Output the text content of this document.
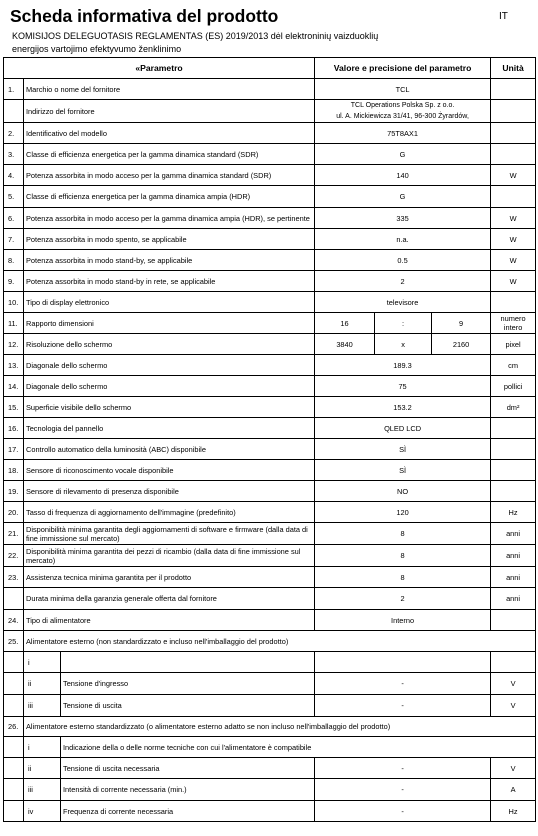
Scheda informativa del prodotto	IT
KOMISIJOS DELEGUOTASIS REGLAMENTAS (ES) 2019/2013 dėl elektroninių vaizduoklių energijos vartojimo efektyvumo ženklinimo
«Parametro			Valore e precisione del parametro			Unità
1.	Marchio o nome del fornitore		TCL			
	Indirizzo del fornitore		TCL Operations Polska Sp. z o.o.
ul. A. Mickiewicza 31/41, 96-300 Żyrardów,			

2.	Identificativo del modello		75T8AX1			
3.	Classe di efficienza energetica per la gamma dinamica standard (SDR)		G			
4.	Potenza assorbita in modo acceso per la gamma dinamica standard (SDR)		140			W
5.	Classe di efficienza energetica per la gamma dinamica ampia (HDR)		G			
6.	Potenza assorbita in modo acceso per la gamma dinamica ampia (HDR), se pertinente		335			W
7.	Potenza assorbita in modo spento, se applicabile		n.a.			W
8.	Potenza assorbita in modo stand-by, se applicabile		0.5			W
9.	Potenza assorbita in modo stand-by in rete, se applicabile		2			W
10.	Tipo di display elettronico		televisore			
11.	Rapporto dimensioni		16	:	9	numero intero
12.	Risoluzione dello schermo		3840	x	2160	pixel
13.	Diagonale dello schermo		189.3			cm
14.	Diagonale dello schermo		75			pollici
15.	Superficie visibile dello schermo		153.2			dm²
16.	Tecnologia del pannello		QLED LCD			
17.	Controllo automatico della luminosità (ABC) disponibile		SÌ			
18.	Sensore di riconoscimento vocale disponibile		SÌ			
19.	Sensore di rilevamento di presenza disponibile		NO			
20.	Tasso di frequenza di aggiornamento dell'immagine (predefinito)		120			Hz
21.	Disponibilità minima garantita degli aggiornamenti di software e firmware (dalla data di fine immissione sul mercato)		8			anni
22.	Disponibilità minima garantita dei pezzi di ricambio (dalla data di fine immissione sul mercato)		8			anni
23.	Assistenza tecnica minima garantita per il prodotto		8			anni
	Durata minima della garanzia generale offerta dal fornitore		2			anni
24.	Tipo di alimentatore		Interno			
25.	Alimentatore esterno (non standardizzato e incluso nell'imballaggio del prodotto)					
	i					
	ii	Tensione d'ingresso	-			V
	iii	Tensione di uscita	-			V
26.	Alimentatore esterno standardizzato (o alimentatore esterno adatto se non incluso nell'imballaggio del prodotto)					
	i	Indicazione della o delle norme tecniche con cui l'alimentatore è compatibile				
	ii	Tensione di uscita necessaria	-			V
	iii	Intensità di corrente necessaria (min.)	-			A
	iv	Frequenza di corrente necessaria	-			Hz
